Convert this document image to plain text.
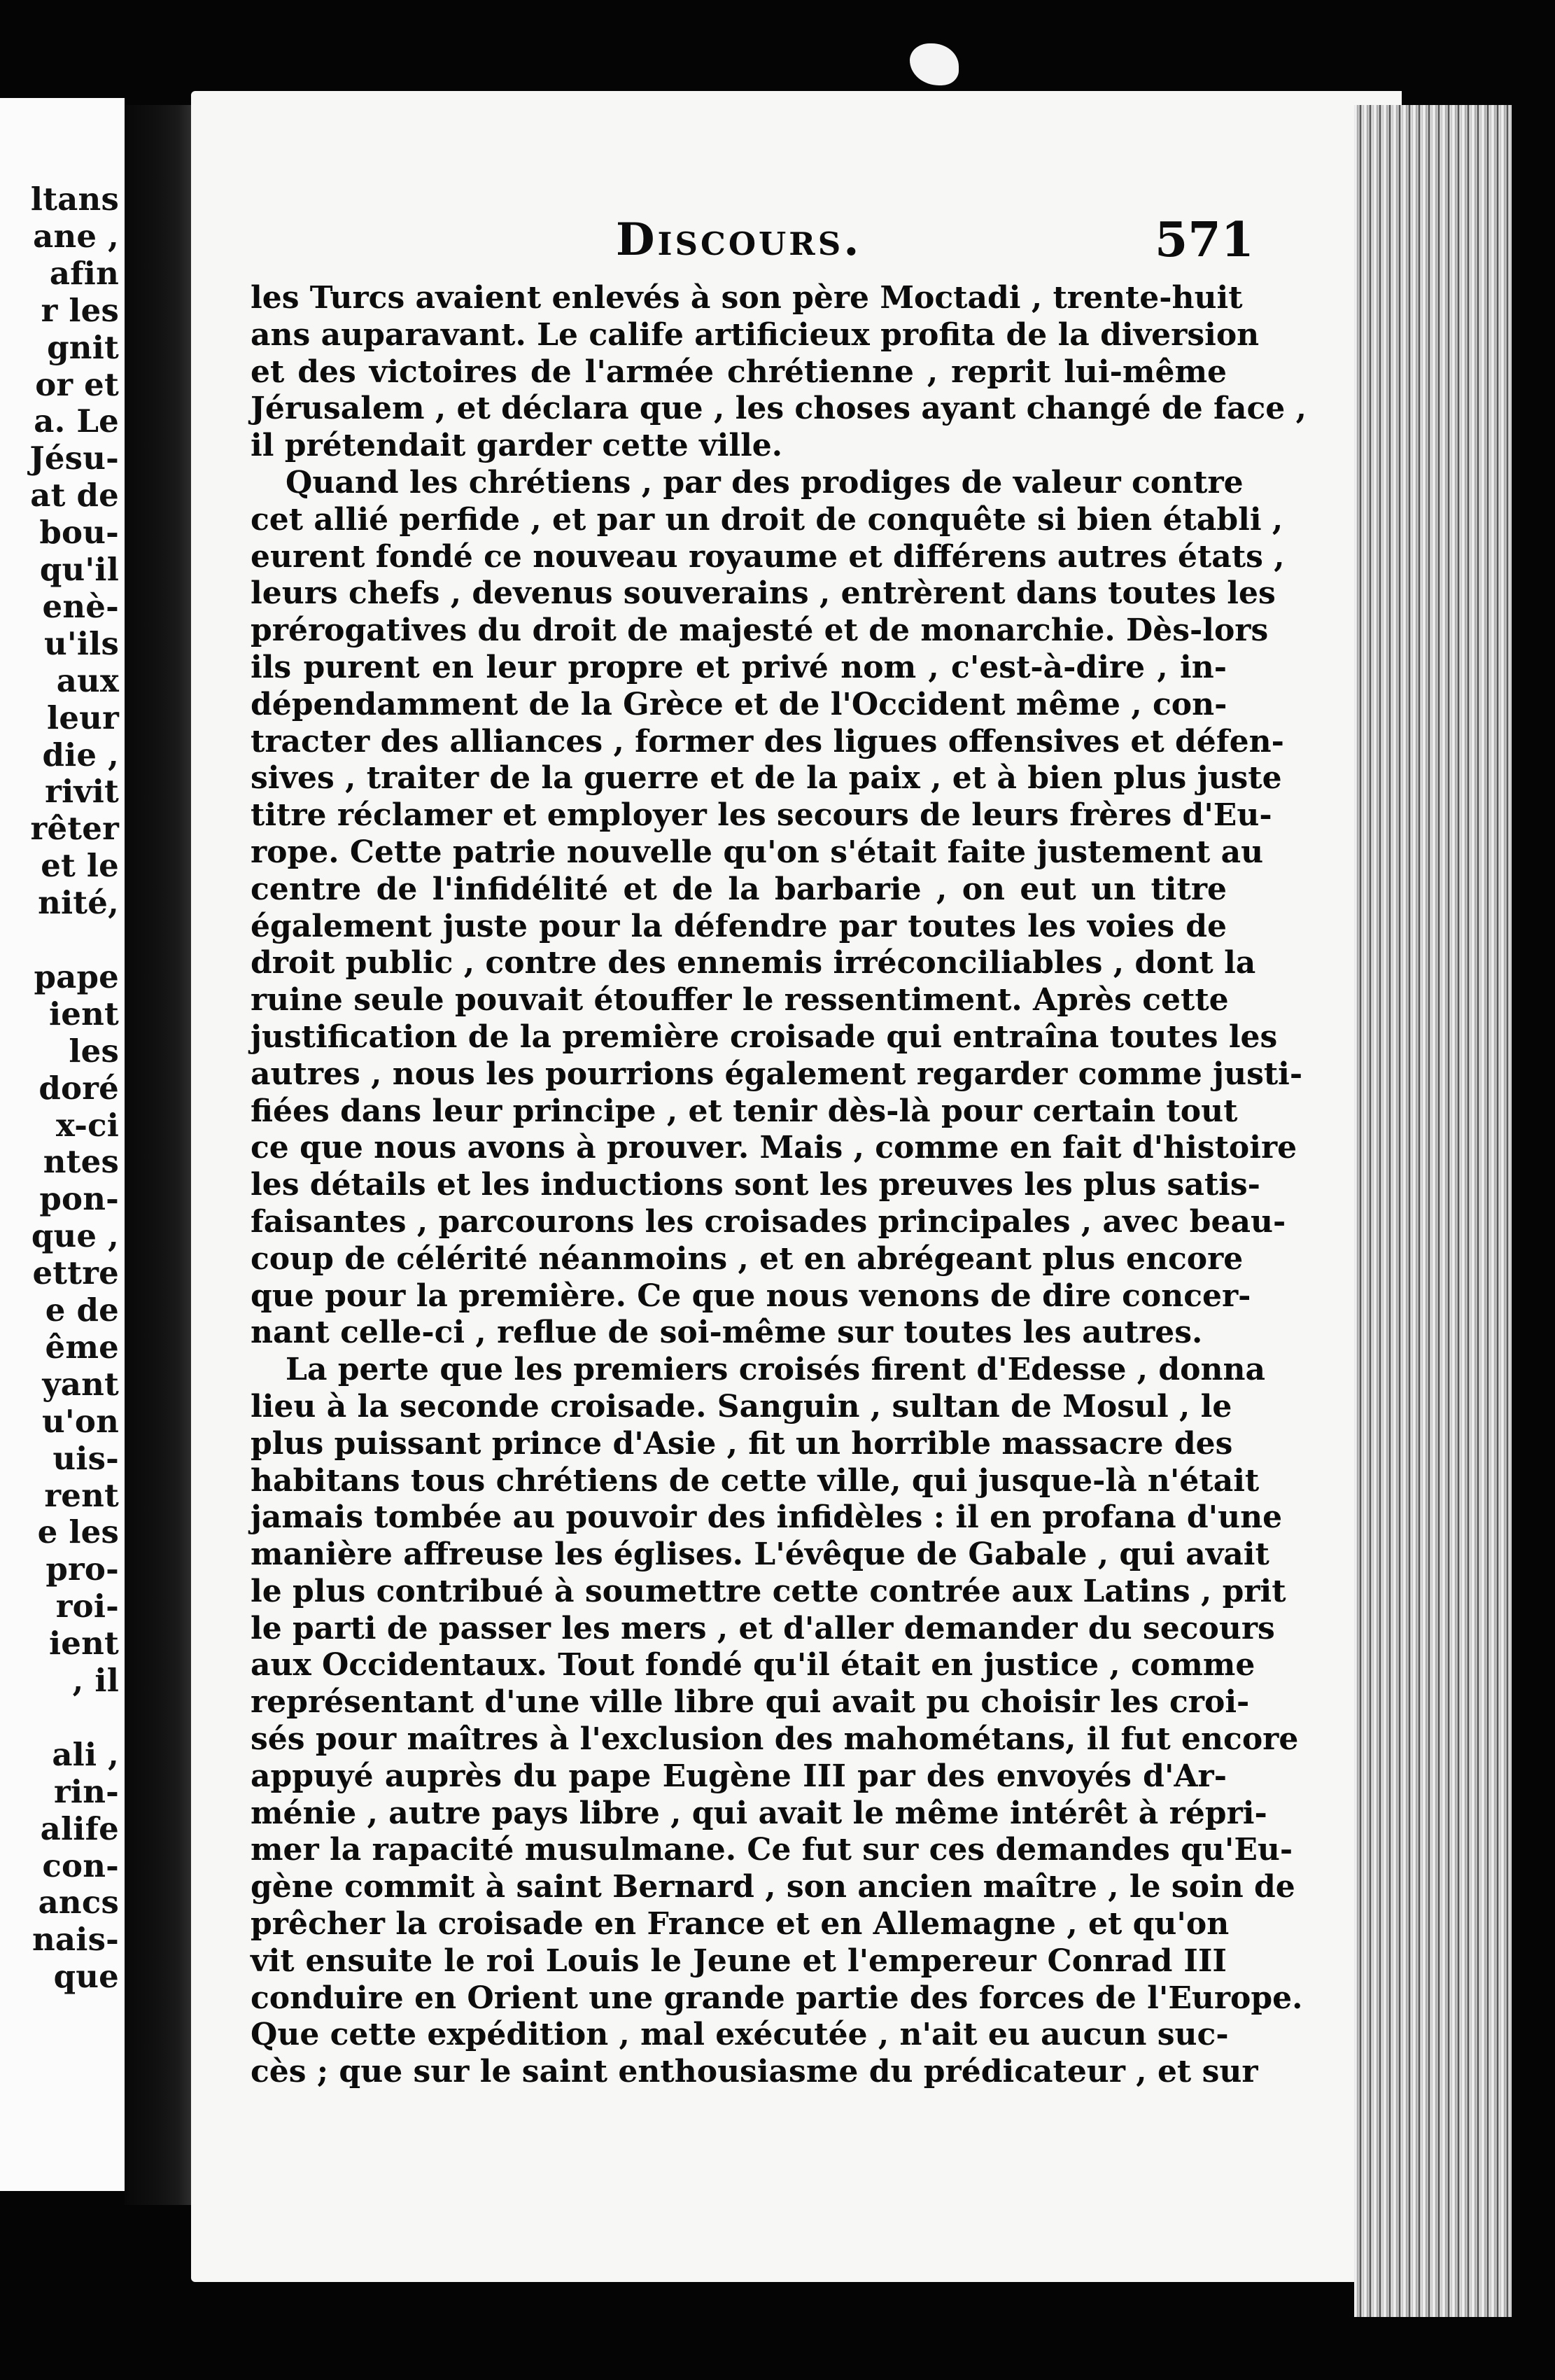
ltans
ane ,
afin
r les
gnit
or et
a. Le
Jésu-
at de
bou-
qu'il
enè-
u'ils
aux
leur
die ,
rivit
rêter
et le
nité,
pape
ient
les
doré
x-ci
ntes
pon-
que ,
ettre
e de
ême
yant
u'on
uis-
rent
e les
pro-
roi-
ient
, il
ali ,
rin-
alife
con-
ancs
nais-
que
Discours.	571
les Turcs avaient enlevés à son père Moctadi , trente-huit
ans auparavant. Le calife artificieux profita de la diversion
et des victoires de l'armée chrétienne , reprit lui-même
Jérusalem , et déclara que , les choses ayant changé de face ,
il prétendait garder cette ville.
Quand les chrétiens , par des prodiges de valeur contre
cet allié perfide , et par un droit de conquête si bien établi ,
eurent fondé ce nouveau royaume et différens autres états ,
leurs chefs , devenus souverains , entrèrent dans toutes les
prérogatives du droit de majesté et de monarchie. Dès-lors
ils purent en leur propre et privé nom , c'est-à-dire , in-
dépendamment de la Grèce et de l'Occident même , con-
tracter des alliances , former des ligues offensives et défen-
sives , traiter de la guerre et de la paix , et à bien plus juste
titre réclamer et employer les secours de leurs frères d'Eu-
rope. Cette patrie nouvelle qu'on s'était faite justement au
centre de l'infidélité et de la barbarie , on eut un titre
également juste pour la défendre par toutes les voies de
droit public , contre des ennemis irréconciliables , dont la
ruine seule pouvait étouffer le ressentiment. Après cette
justification de la première croisade qui entraîna toutes les
autres , nous les pourrions également regarder comme justi-
fiées dans leur principe , et tenir dès-là pour certain tout
ce que nous avons à prouver. Mais , comme en fait d'histoire
les détails et les inductions sont les preuves les plus satis-
faisantes , parcourons les croisades principales , avec beau-
coup de célérité néanmoins , et en abrégeant plus encore
que pour la première. Ce que nous venons de dire concer-
nant celle-ci , reflue de soi-même sur toutes les autres.
La perte que les premiers croisés firent d'Edesse , donna
lieu à la seconde croisade. Sanguin , sultan de Mosul , le
plus puissant prince d'Asie , fit un horrible massacre des
habitans tous chrétiens de cette ville, qui jusque-là n'était
jamais tombée au pouvoir des infidèles : il en profana d'une
manière affreuse les églises. L'évêque de Gabale , qui avait
le plus contribué à soumettre cette contrée aux Latins , prit
le parti de passer les mers , et d'aller demander du secours
aux Occidentaux. Tout fondé qu'il était en justice , comme
représentant d'une ville libre qui avait pu choisir les croi-
sés pour maîtres à l'exclusion des mahométans, il fut encore
appuyé auprès du pape Eugène III par des envoyés d'Ar-
ménie , autre pays libre , qui avait le même intérêt à répri-
mer la rapacité musulmane. Ce fut sur ces demandes qu'Eu-
gène commit à saint Bernard , son ancien maître , le soin de
prêcher la croisade en France et en Allemagne , et qu'on
vit ensuite le roi Louis le Jeune et l'empereur Conrad III
conduire en Orient une grande partie des forces de l'Europe.
Que cette expédition , mal exécutée , n'ait eu aucun suc-
cès ; que sur le saint enthousiasme du prédicateur , et sur
